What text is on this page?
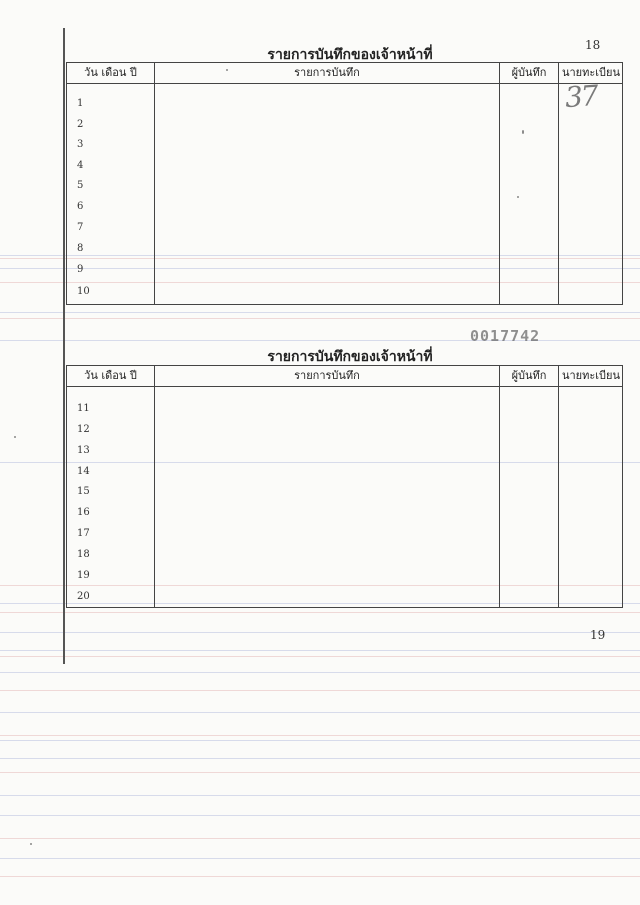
18
รายการบันทึกของเจ้าหน้าที่
วัน เดือน ปี	รายการบันทึก	ผู้บันทึก	นายทะเบียน
1
2
3
4
5
6
7
8
9
10
37
0017742
รายการบันทึกของเจ้าหน้าที่
วัน เดือน ปี	รายการบันทึก	ผู้บันทึก	นายทะเบียน
11
12
13
14
15
16
17
18
19
20
19
